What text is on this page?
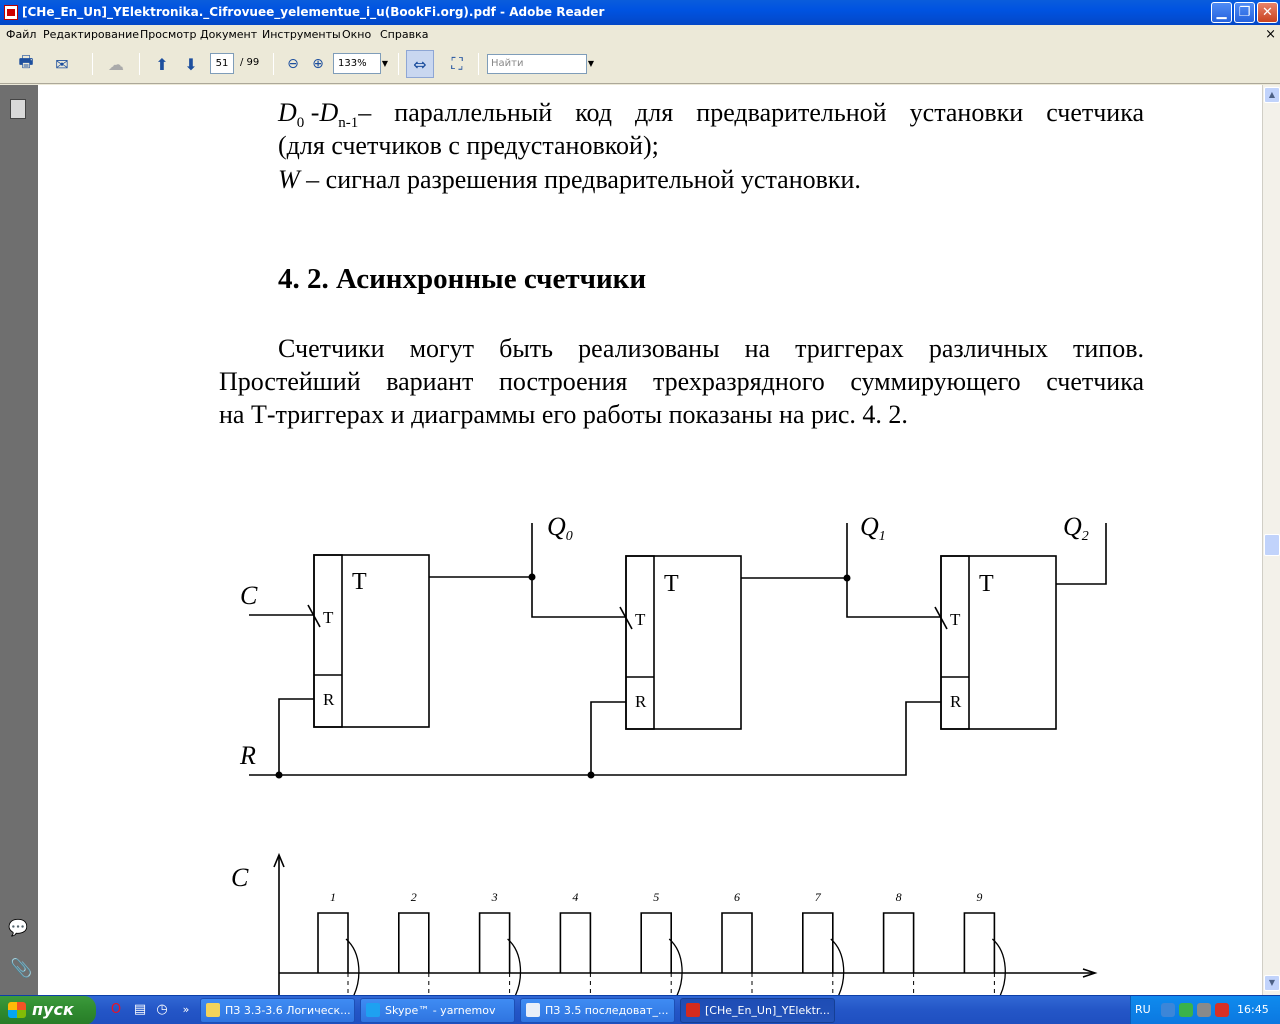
[CHe_En_Un]_YElektronika._Cifrovuee_yelementue_i_u(BookFi.org).pdf - Adobe Reader	▁ ❐ ✕
Файл Редактирование Просмотр Документ Инструменты Окно Справка	×
🖶	✉	☁	⬆ ⬇	⊖ ⊕	⇔	⛶
51	/ 99	133%	▼	Найти	▼
💬
📎
$D_0$ $-D_{n-1}$ – параллельный код для предварительной установки счетчика
(для счетчиков с предустановкой);
W – сигнал разрешения предварительной установки.
4. 2. Асинхронные счетчики
Счетчики могут быть реализованы на триггерах различных типов.
Простейший вариант построения трехразрядного суммирующего счетчика
на Т-триггерах и диаграммы его работы показаны на рис. 4. 2.
C
R
T	T	T
T
R
T
R
T
R
Q0	Q1	Q2
1	2	3	4	5	6	7	8	9
C
▲
▼
пуск	O ▤ ◷	»	ПЗ 3.3-3.6 Логическ...	Skype™ - yarnemov	ПЗ 3.5 последоват_...	[CHe_En_Un]_YElektr...	RU	16:45
